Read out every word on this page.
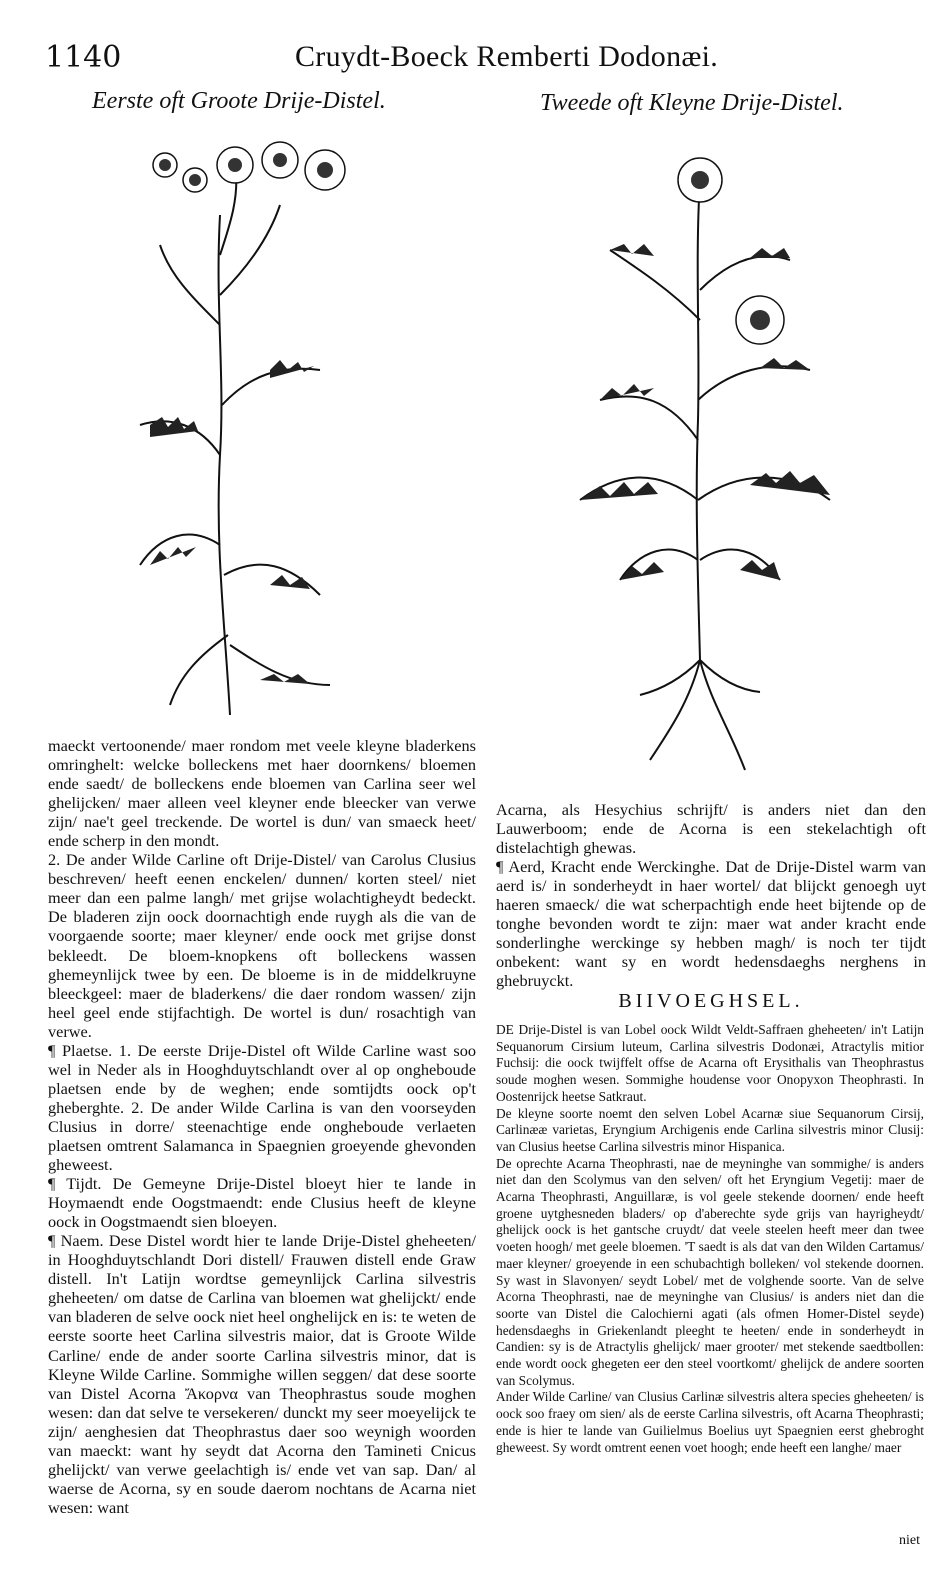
1140	Cruydt-Boeck Remberti Dodonæi.
Eerste oft Groote Drije-Distel.	Tweede oft Kleyne Drije-Distel.

maeckt vertoonende/ maer rondom met veele kleyne bladerkens omringhelt: welcke bolleckens met haer doornkens/ bloemen ende saedt/ de bolleckens ende bloemen van Carlina seer wel ghelijcken/ maer alleen veel kleyner ende bleecker van verwe zijn/ nae't geel treckende. De wortel is dun/ van smaeck heet/ ende scherp in den mondt.

2. De ander Wilde Carline oft Drije-Distel/ van Carolus Clusius beschreven/ heeft eenen enckelen/ dunnen/ korten steel/ niet meer dan een palme langh/ met grijse wolachtigheydt bedeckt. De bladeren zijn oock doornachtigh ende ruygh als die van de voorgaende soorte; maer kleyner/ ende oock met grijse donst bekleedt. De bloem-knopkens oft bolleckens wassen ghemeynlijck twee by een. De bloeme is in de middelkruyne bleeckgeel: maer de bladerkens/ die daer rondom wassen/ zijn heel geel ende stijfachtigh. De wortel is dun/ rosachtigh van verwe.

¶ Plaetse. 1. De eerste Drije-Distel oft Wilde Carline wast soo wel in Neder als in Hooghduytschlandt over al op ongheboude plaetsen ende by de weghen; ende somtijdts oock op't gheberghte. 2. De ander Wilde Carlina is van den voorseyden Clusius in dorre/ steenachtige ende ongheboude verlaeten plaetsen omtrent Salamanca in Spaegnien groeyende ghevonden gheweest.

¶ Tijdt. De Gemeyne Drije-Distel bloeyt hier te lande in Hoymaendt ende Oogstmaendt: ende Clusius heeft de kleyne oock in Oogstmaendt sien bloeyen.

¶ Naem. Dese Distel wordt hier te lande Drije-Distel gheheeten/ in Hooghduytschlandt Dori distell/ Frauwen distell ende Graw distell. In't Latijn wordtse gemeynlijck Carlina silvestris gheheeten/ om datse de Carlina van bloemen wat ghelijckt/ ende van bladeren de selve oock niet heel onghelijck en is: te weten de eerste soorte heet Carlina silvestris maior, dat is Groote Wilde Carline/ ende de ander soorte Carlina silvestris minor, dat is Kleyne Wilde Carline. Sommighe willen seggen/ dat dese soorte van Distel Acorna Ἄκορνα van Theophrastus soude moghen wesen: dan dat selve te versekeren/ dunckt my seer moeyelijck te zijn/ aenghesien dat Theophrastus daer soo weynigh woorden van maeckt: want hy seydt dat Acorna den Tamineti Cnicus ghelijckt/ van verwe geelachtigh is/ ende vet van sap. Dan/ al waerse de Acorna, sy en soude daerom nochtans de Acarna niet wesen: want

Acarna, als Hesychius schrijft/ is anders niet dan den Lauwerboom; ende de Acorna is een stekelachtigh oft distelachtigh ghewas.

¶ Aerd, Kracht ende Werckinghe. Dat de Drije-Distel warm van aerd is/ in sonderheydt in haer wortel/ dat blijckt genoegh uyt haeren smaeck/ die wat scherpachtigh ende heet bijtende op de tonghe bevonden wordt te zijn: maer wat ander kracht ende sonderlinghe werckinge sy hebben magh/ is noch ter tijdt onbekent: want sy en wordt hedensdaeghs nerghens in ghebruyckt.

BIIVOEGHSEL.

DE Drije-Distel is van Lobel oock Wildt Veldt-Saffraen gheheeten/ in't Latijn Sequanorum Cirsium luteum, Carlina silvestris Dodonæi, Atractylis mitior Fuchsij: die oock twijffelt offse de Acarna oft Erysithalis van Theophrastus soude moghen wesen. Sommighe houdense voor Onopyxon Theophrasti. In Oostenrijck heetse Satkraut.

De kleyne soorte noemt den selven Lobel Acarnæ siue Sequanorum Cirsij, Carlinææ varietas, Eryngium Archigenis ende Carlina silvestris minor Clusij: van Clusius heetse Carlina silvestris minor Hispanica.

De oprechte Acarna Theophrasti, nae de meyninghe van sommighe/ is anders niet dan den Scolymus van den selven/ oft het Eryngium Vegetij: maer de Acarna Theophrasti, Anguillaræ, is vol geele stekende doornen/ ende heeft groene uytghesneden bladers/ op d'aberechte syde grijs van hayrigheydt/ ghelijck oock is het gantsche cruydt/ dat veele steelen heeft meer dan twee voeten hoogh/ met geele bloemen. 'T saedt is als dat van den Wilden Cartamus/ maer kleyner/ groeyende in een schubachtigh bolleken/ vol stekende doornen. Sy wast in Slavonyen/ seydt Lobel/ met de volghende soorte. Van de selve Acorna Theophrasti, nae de meyninghe van Clusius/ is anders niet dan die soorte van Distel die Calochierni agati (als ofmen Homer-Distel seyde) hedensdaeghs in Griekenlandt pleeght te heeten/ ende in sonderheydt in Candien: sy is de Atractylis ghelijck/ maer grooter/ met stekende saedtbollen: ende wordt oock ghegeten eer den steel voortkomt/ ghelijck de andere soorten van Scolymus.

Ander Wilde Carline/ van Clusius Carlinæ silvestris altera species gheheeten/ is oock soo fraey om sien/ als de eerste Carlina silvestris, oft Acarna Theophrasti; ende is hier te lande van Guilielmus Boelius uyt Spaegnien eerst ghebroght gheweest. Sy wordt omtrent eenen voet hoogh; ende heeft een langhe/ maer

niet
